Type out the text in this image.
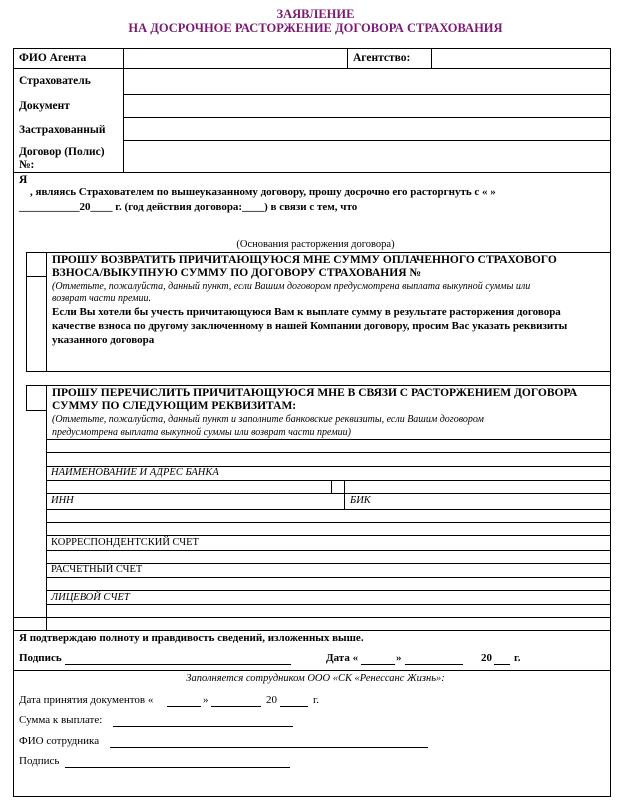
ЗАЯВЛЕНИЕ
НА ДОСРОЧНОЕ РАСТОРЖЕНИЕ ДОГОВОРА СТРАХОВАНИЯ
ФИО Агента	Агентство:
Страхователь
Документ
Застрахованный
Договор (Полис)
№:
Я
, являясь Страхователем по вышеуказанному договору, прошу досрочно его расторгнуть с « »
___________20____ г. (год действия договора:____) в связи с тем, что
(Основания расторжения договора)
ПРОШУ ВОЗВРАТИТЬ ПРИЧИТАЮЩУЮСЯ МНЕ СУММУ ОПЛАЧЕННОГО СТРАХОВОГО
ВЗНОСА/ВЫКУПНУЮ СУММУ ПО ДОГОВОРУ СТРАХОВАНИЯ №
(Отметьте, пожалуйста, данный пункт, если Вашим договором предусмотрена выплата выкупной суммы или
возврат части премии.
Если Вы хотели бы учесть причитающуюся Вам к выплате сумму в результате расторжения договора
качестве взноса по другому заключенному в нашей Компании договору, просим Вас указать реквизиты
указанного договора
ПРОШУ ПЕРЕЧИСЛИТЬ ПРИЧИТАЮЩУЮСЯ МНЕ В СВЯЗИ С РАСТОРЖЕНИЕМ ДОГОВОРА
СУММУ ПО СЛЕДУЮЩИМ РЕКВИЗИТАМ:
(Отметьте, пожалуйста, данный пункт и заполните банковские реквизиты, если Вашим договором
предусмотрена выплата выкупной суммы или возврат части премии)
НАИМЕНОВАНИЕ И АДРЕС БАНКА
ИНН	БИК
КОРРЕСПОНДЕНТСКИЙ СЧЕТ
РАСЧЕТНЫЙ СЧЕТ
ЛИЦЕВОЙ СЧЕТ
Я подтверждаю полноту и правдивость сведений, изложенных выше.
Подпись	Дата «	»	20 г.
Заполняется сотрудником ООО «СК «Ренессанс Жизнь»:
Дата принятия документов «	»	20	г.
Сумма к выплате:
ФИО сотрудника
Подпись
